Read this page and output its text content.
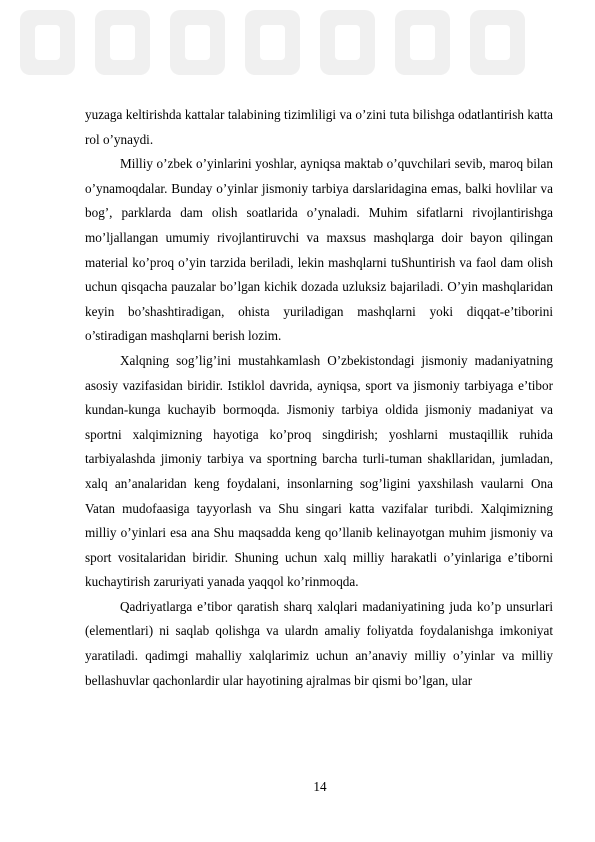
yuzaga keltirishda kattalar talabining tizimliligi va o’zini tuta bilishga odatlantirish katta rol o’ynaydi.

Milliy o’zbek o’yinlarini yoshlar, ayniqsa maktab o’quvchilari sevib, maroq bilan o’ynamoqdalar. Bunday o’yinlar jismoniy tarbiya darslaridagina emas, balki hovlilar va bog’, parklarda dam olish soatlarida o’ynaladi. Muhim sifatlarni rivojlantirishga mo’ljallangan umumiy rivojlantiruvchi va maxsus mashqlarga doir bayon qilingan material ko’proq o’yin tarzida beriladi, lekin mashqlarni tuShuntirish va faol dam olish uchun qisqacha pauzalar bo’lgan kichik dozada uzluksiz bajariladi. O’yin mashqlaridan keyin bo’shashtiradigan, ohista yuriladigan mashqlarni yoki diqqat-e’tiborini o’stiradigan mashqlarni berish lozim.

Xalqning sog’lig’ini mustahkamlash O’zbekistondagi jismoniy madaniyatning asosiy vazifasidan biridir. Istiklol davrida, ayniqsa, sport va jismoniy tarbiyaga e’tibor kundan-kunga kuchayib bormoqda. Jismoniy tarbiya oldida jismoniy madaniyat va sportni xalqimizning hayotiga ko’proq singdirish; yoshlarni mustaqillik ruhida tarbiyalashda jimoniy tarbiya va sportning barcha turli-tuman shakllaridan, jumladan, xalq an’analaridan keng foydalani, insonlarning sog’ligini yaxshilash vaularni Ona Vatan mudofaasiga tayyorlash va Shu singari katta vazifalar turibdi. Xalqimizning milliy o’yinlari esa ana Shu maqsadda keng qo’llanib kelinayotgan muhim jismoniy va sport vositalaridan biridir. Shuning uchun xalq milliy harakatli o’yinlariga e’tiborni kuchaytirish zaruriyati yanada yaqqol ko’rinmoqda.

Qadriyatlarga e’tibor qaratish sharq xalqlari madaniyatining juda ko’p unsurlari (elementlari) ni saqlab qolishga va ulardn amaliy foliyatda foydalanishga imkoniyat yaratiladi. qadimgi mahalliy xalqlarimiz uchun an’anaviy milliy o’yinlar va milliy bellashuvlar qachonlardir ular hayotining ajralmas bir qismi bo’lgan, ular

14
